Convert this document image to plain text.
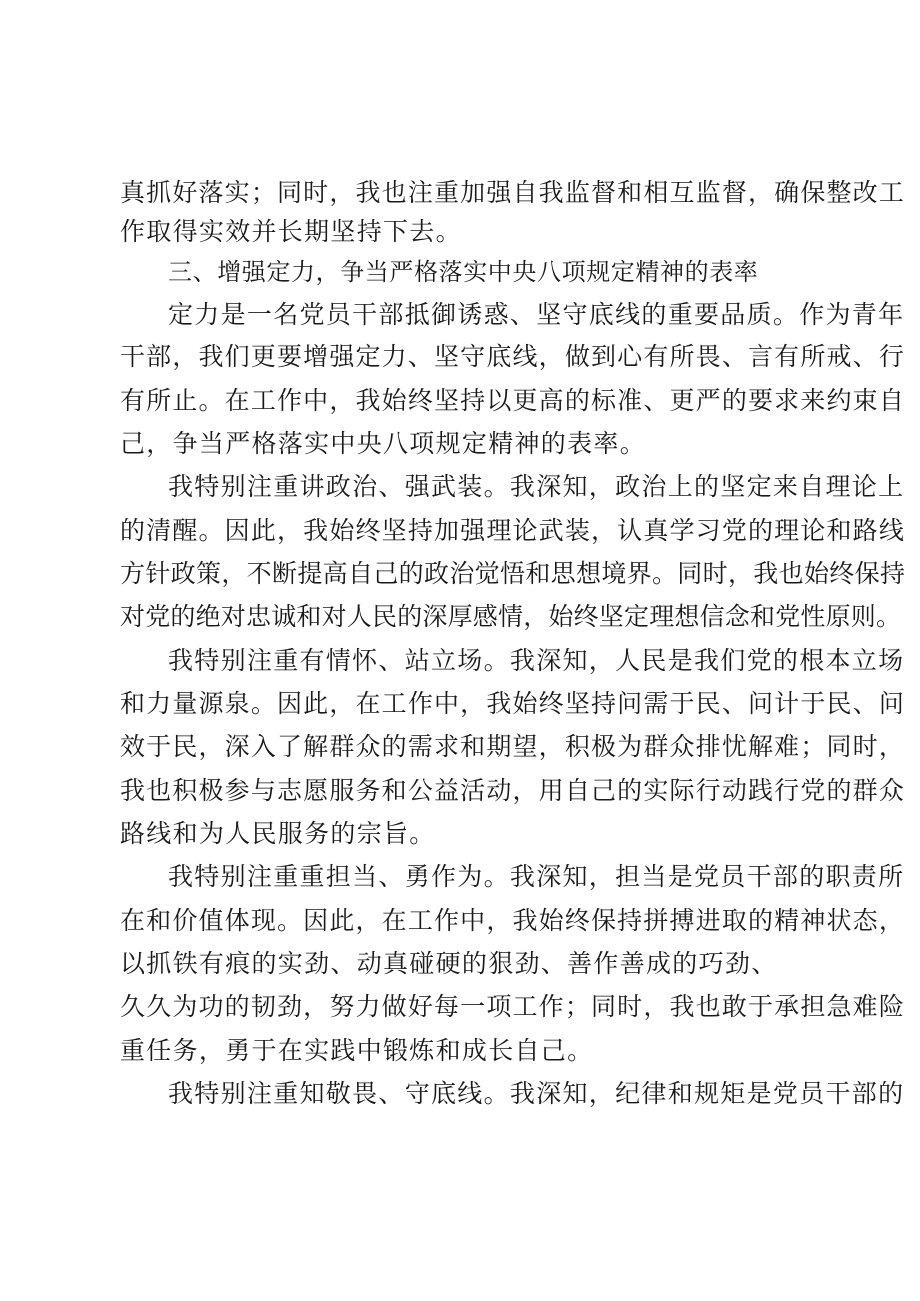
真抓好落实；同时，我也注重加强自我监督和相互监督，确保整改工
作取得实效并长期坚持下去。
三、增强定力，争当严格落实中央八项规定精神的表率
定力是一名党员干部抵御诱惑、坚守底线的重要品质。作为青年
干部，我们更要增强定力、坚守底线，做到心有所畏、言有所戒、行
有所止。在工作中，我始终坚持以更高的标准、更严的要求来约束自
己，争当严格落实中央八项规定精神的表率。
我特别注重讲政治、强武装。我深知，政治上的坚定来自理论上
的清醒。因此，我始终坚持加强理论武装，认真学习党的理论和路线
方针政策，不断提高自己的政治觉悟和思想境界。同时，我也始终保持
对党的绝对忠诚和对人民的深厚感情，始终坚定理想信念和党性原则。
我特别注重有情怀、站立场。我深知，人民是我们党的根本立场
和力量源泉。因此，在工作中，我始终坚持问需于民、问计于民、问
效于民，深入了解群众的需求和期望，积极为群众排忧解难；同时，
我也积极参与志愿服务和公益活动，用自己的实际行动践行党的群众
路线和为人民服务的宗旨。
我特别注重重担当、勇作为。我深知，担当是党员干部的职责所
在和价值体现。因此，在工作中，我始终保持拼搏进取的精神状态，
以抓铁有痕的实劲、动真碰硬的狠劲、善作善成的巧劲、
久久为功的韧劲，努力做好每一项工作；同时，我也敢于承担急难险
重任务，勇于在实践中锻炼和成长自己。
我特别注重知敬畏、守底线。我深知，纪律和规矩是党员干部的
